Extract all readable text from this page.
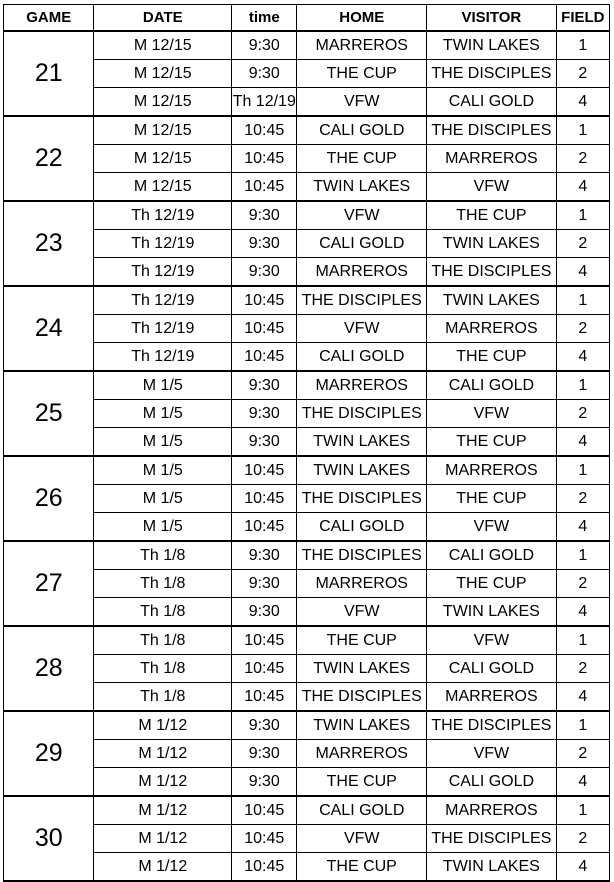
GAME	DATE	time	HOME	VISITOR	FIELD
21	M 12/15	9:30	MARREROS	TWIN LAKES	1
	M 12/15	9:30	THE CUP	THE DISCIPLES	2
	M 12/15	Th 12/19	VFW	CALI GOLD	4
22	M 12/15	10:45	CALI GOLD	THE DISCIPLES	1
	M 12/15	10:45	THE CUP	MARREROS	2
	M 12/15	10:45	TWIN LAKES	VFW	4
23	Th 12/19	9:30	VFW	THE CUP	1
	Th 12/19	9:30	CALI GOLD	TWIN LAKES	2
	Th 12/19	9:30	MARREROS	THE DISCIPLES	4
24	Th 12/19	10:45	THE DISCIPLES	TWIN LAKES	1
	Th 12/19	10:45	VFW	MARREROS	2
	Th 12/19	10:45	CALI GOLD	THE CUP	4
25	M 1/5	9:30	MARREROS	CALI GOLD	1
	M 1/5	9:30	THE DISCIPLES	VFW	2
	M 1/5	9:30	TWIN LAKES	THE CUP	4
26	M 1/5	10:45	TWIN LAKES	MARREROS	1
	M 1/5	10:45	THE DISCIPLES	THE CUP	2
	M 1/5	10:45	CALI GOLD	VFW	4
27	Th 1/8	9:30	THE DISCIPLES	CALI GOLD	1
	Th 1/8	9:30	MARREROS	THE CUP	2
	Th 1/8	9:30	VFW	TWIN LAKES	4
28	Th 1/8	10:45	THE CUP	VFW	1
	Th 1/8	10:45	TWIN LAKES	CALI GOLD	2
	Th 1/8	10:45	THE DISCIPLES	MARREROS	4
29	M 1/12	9:30	TWIN LAKES	THE DISCIPLES	1
	M 1/12	9:30	MARREROS	VFW	2
	M 1/12	9:30	THE CUP	CALI GOLD	4
30	M 1/12	10:45	CALI GOLD	MARREROS	1
	M 1/12	10:45	VFW	THE DISCIPLES	2
	M 1/12	10:45	THE CUP	TWIN LAKES	4
